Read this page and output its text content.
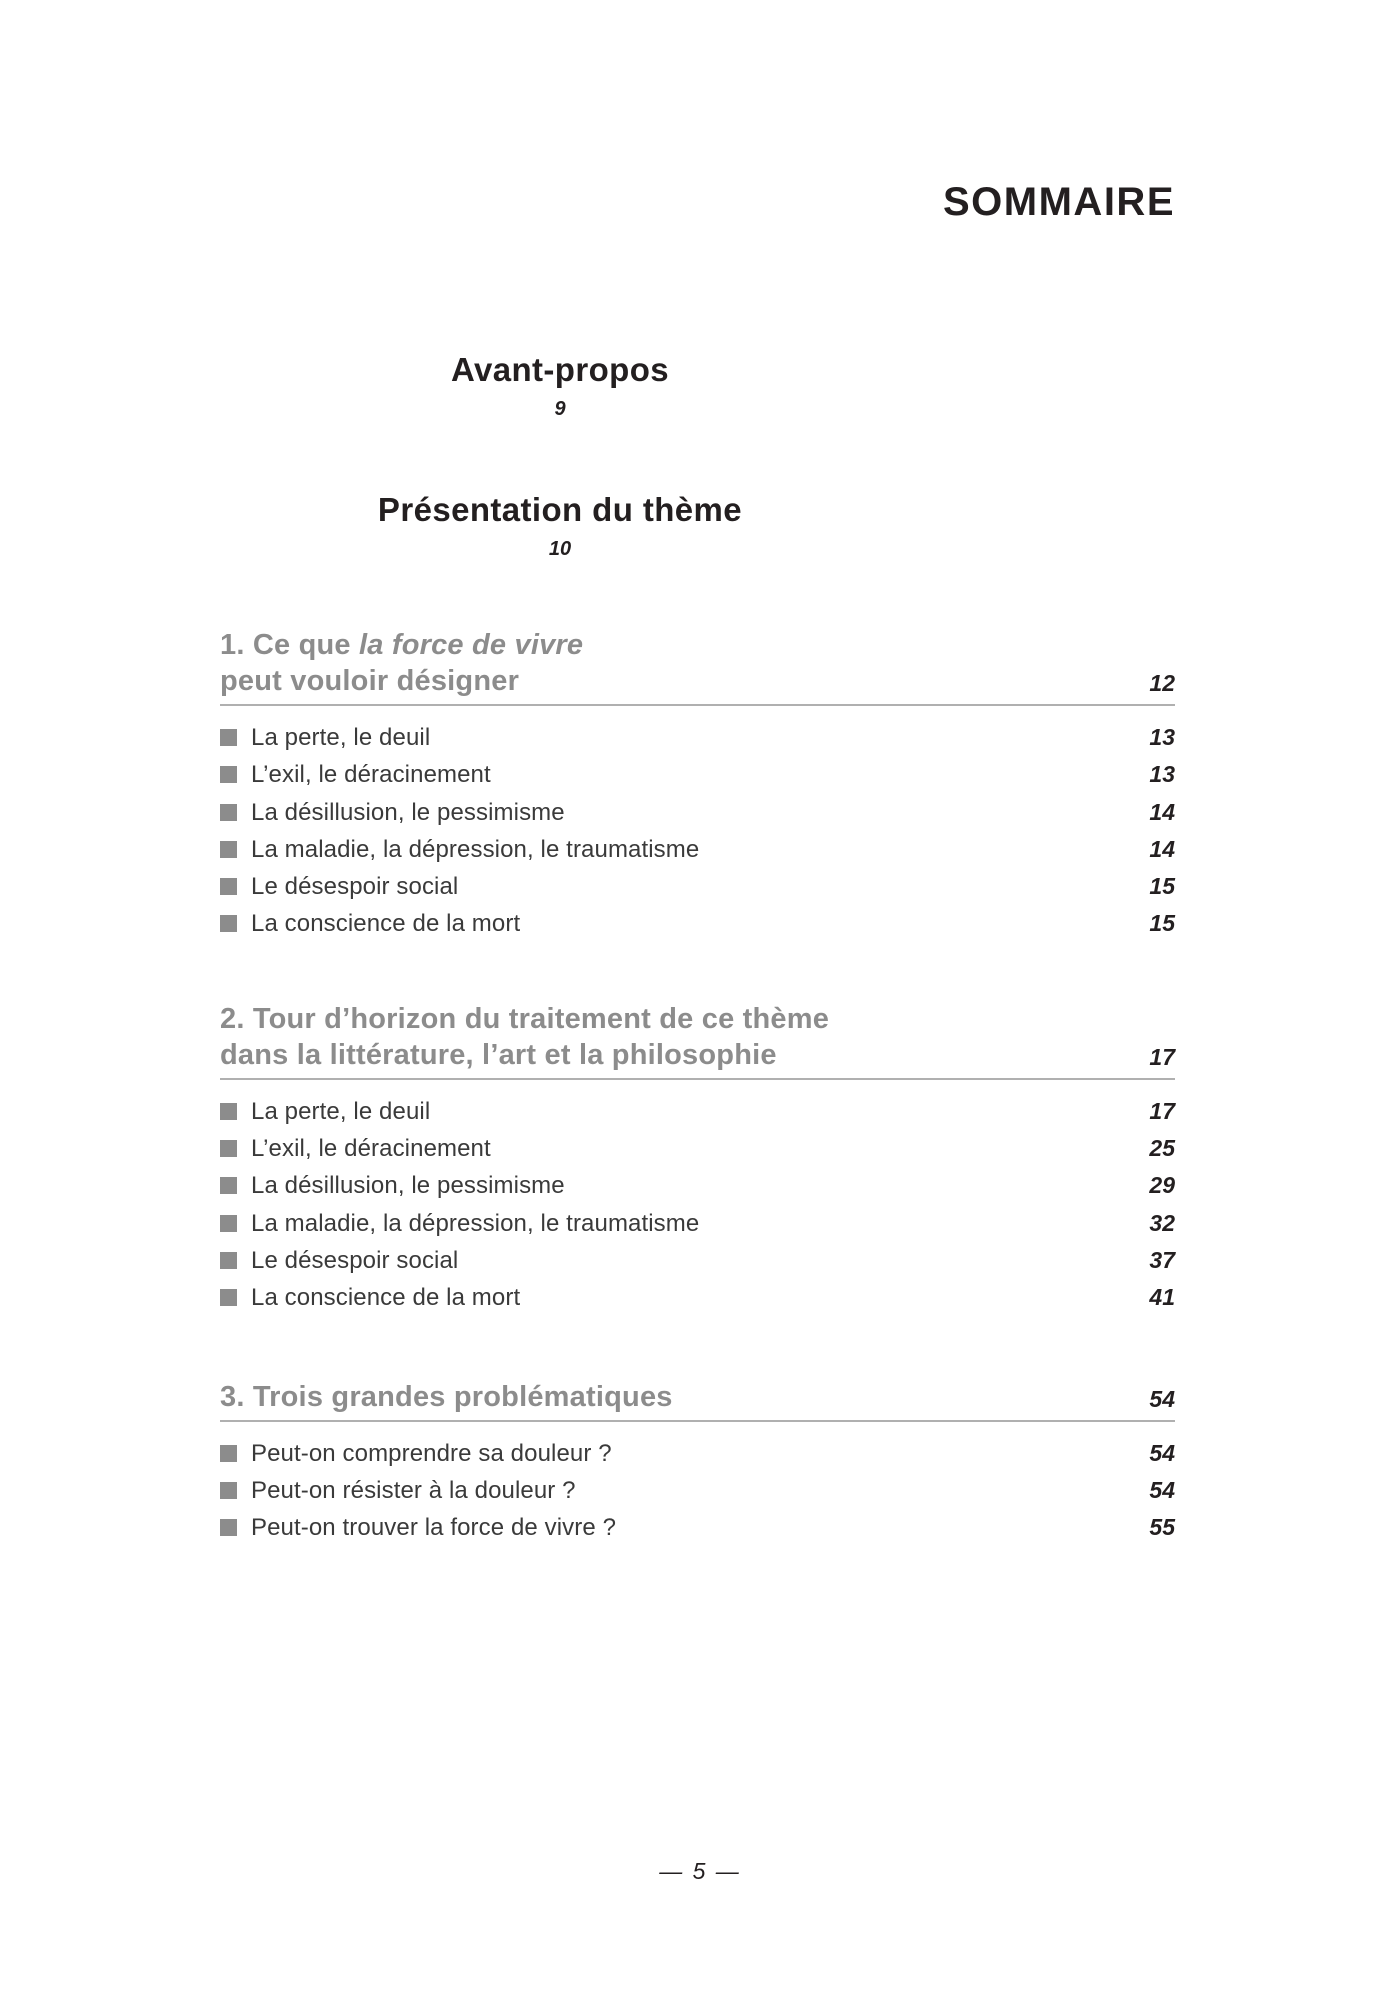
SOMMAIRE
Avant-propos
9
Présentation du thème
10
1. Ce que la force de vivre
peut vouloir désigner	12
La perte, le deuil	13
L’exil, le déracinement	13
La désillusion, le pessimisme	14
La maladie, la dépression, le traumatisme	14
Le désespoir social	15
La conscience de la mort	15
2. Tour d’horizon du traitement de ce thème
dans la littérature, l’art et la philosophie	17
La perte, le deuil	17
L’exil, le déracinement	25
La désillusion, le pessimisme	29
La maladie, la dépression, le traumatisme	32
Le désespoir social	37
La conscience de la mort	41
3. Trois grandes problématiques	54
Peut-on comprendre sa douleur ?	54
Peut-on résister à la douleur ?	54
Peut-on trouver la force de vivre ?	55
— 5 —
